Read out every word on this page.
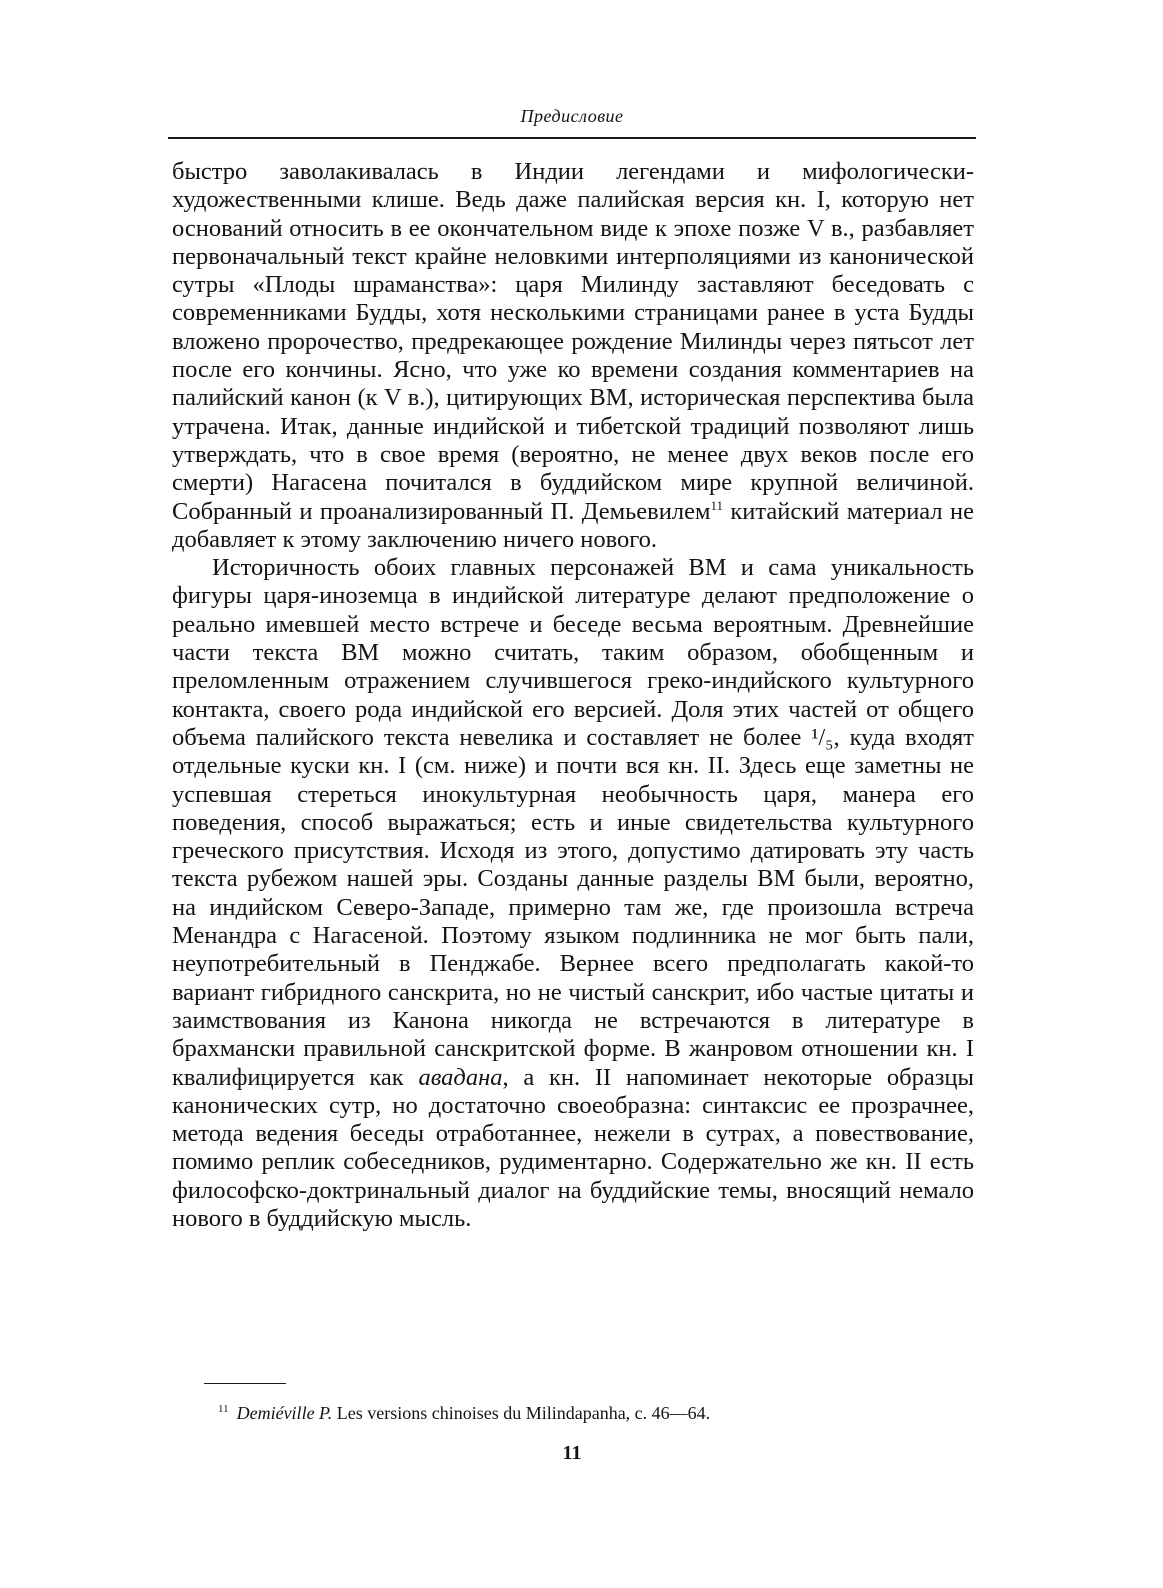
Предисловие

быстро заволакивалась в Индии легендами и мифологически-художественными клише. Ведь даже палийская версия кн. I, которую нет оснований относить в ее окончательном виде к эпохе позже V в., разбавляет первоначальный текст крайне неловкими интерполяциями из канонической сутры «Плоды шраманства»: царя Милинду заставляют беседовать с современниками Будды, хотя несколькими страницами ранее в уста Будды вложено пророчество, предрекающее рождение Милинды через пятьсот лет после его кончины. Ясно, что уже ко времени создания комментариев на палийский канон (к V в.), цитирующих ВМ, историческая перспектива была утрачена. Итак, данные индийской и тибетской традиций позволяют лишь утверждать, что в свое время (вероятно, не менее двух веков после его смерти) Нагасена почитался в буддийском мире крупной величиной. Собранный и проанализированный П. Демьевилем$^{11}$ китайский материал не добавляет к этому заключению ничего нового.

Историчность обоих главных персонажей ВМ и сама уникальность фигуры царя-иноземца в индийской литературе делают предположение о реально имевшей место встрече и беседе весьма вероятным. Древнейшие части текста ВМ можно считать, таким образом, обобщенным и преломленным отражением случившегося греко-индийского культурного контакта, своего рода индийской его версией. Доля этих частей от общего объема палийского текста невелика и составляет не более ¹/₅, куда входят отдельные куски кн. I (см. ниже) и почти вся кн. II. Здесь еще заметны не успевшая стереться инокультурная необычность царя, манера его поведения, способ выражаться; есть и иные свидетельства культурного греческого присутствия. Исходя из этого, допустимо датировать эту часть текста рубежом нашей эры. Созданы данные разделы ВМ были, вероятно, на индийском Северо-Западе, примерно там же, где произошла встреча Менандра с Нагасеной. Поэтому языком подлинника не мог быть пали, неупотребительный в Пенджабе. Вернее всего предполагать какой-то вариант гибридного санскрита, но не чистый санскрит, ибо частые цитаты и заимствования из Канона никогда не встречаются в литературе в брахмански правильной санскритской форме. В жанровом отношении кн. I квалифицируется как авадана, а кн. II напоминает некоторые образцы канонических сутр, но достаточно своеобразна: синтаксис ее прозрачнее, метода ведения беседы отработаннее, нежели в сутрах, а повествование, помимо реплик собеседников, рудиментарно. Содержательно же кн. II есть философско-доктринальный диалог на буддийские темы, вносящий немало нового в буддийскую мысль.

$^{11}$ Demiéville P. Les versions chinoises du Milindapanha, c. 46—64.
11
